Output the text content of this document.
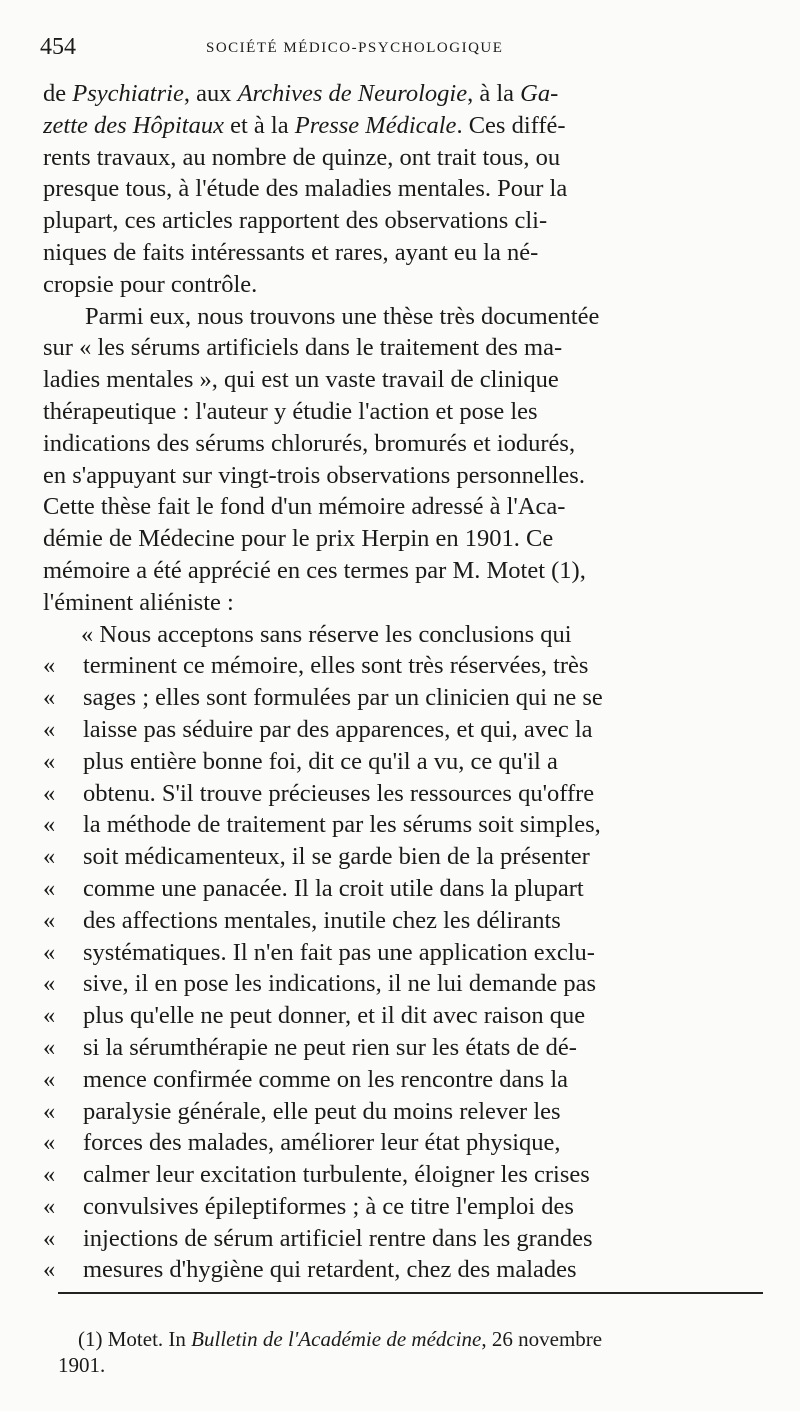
454	SOCIÉTÉ MÉDICO-PSYCHOLOGIQUE
de Psychiatrie, aux Archives de Neurologie, à la Ga-
zette des Hôpitaux et à la Presse Médicale. Ces diffé-
rents travaux, au nombre de quinze, ont trait tous, ou
presque tous, à l'étude des maladies mentales. Pour la
plupart, ces articles rapportent des observations cli-
niques de faits intéressants et rares, ayant eu la né-
cropsie pour contrôle.
Parmi eux, nous trouvons une thèse très documentée
sur « les sérums artificiels dans le traitement des ma-
ladies mentales », qui est un vaste travail de clinique
thérapeutique : l'auteur y étudie l'action et pose les
indications des sérums chlorurés, bromurés et iodurés,
en s'appuyant sur vingt-trois observations personnelles.
Cette thèse fait le fond d'un mémoire adressé à l'Aca-
démie de Médecine pour le prix Herpin en 1901. Ce
mémoire a été apprécié en ces termes par M. Motet (1),
l'éminent aliéniste :
« Nous acceptons sans réserve les conclusions qui
« terminent ce mémoire, elles sont très réservées, très
« sages ; elles sont formulées par un clinicien qui ne se
« laisse pas séduire par des apparences, et qui, avec la
« plus entière bonne foi, dit ce qu'il a vu, ce qu'il a
« obtenu. S'il trouve précieuses les ressources qu'offre
« la méthode de traitement par les sérums soit simples,
« soit médicamenteux, il se garde bien de la présenter
« comme une panacée. Il la croit utile dans la plupart
« des affections mentales, inutile chez les délirants
« systématiques. Il n'en fait pas une application exclu-
« sive, il en pose les indications, il ne lui demande pas
« plus qu'elle ne peut donner, et il dit avec raison que
« si la sérumthérapie ne peut rien sur les états de dé-
« mence confirmée comme on les rencontre dans la
« paralysie générale, elle peut du moins relever les
« forces des malades, améliorer leur état physique,
« calmer leur excitation turbulente, éloigner les crises
« convulsives épileptiformes ; à ce titre l'emploi des
« injections de sérum artificiel rentre dans les grandes
« mesures d'hygiène qui retardent, chez des malades
(1) Motet. In Bulletin de l'Académie de médcine, 26 novembre
1901.
